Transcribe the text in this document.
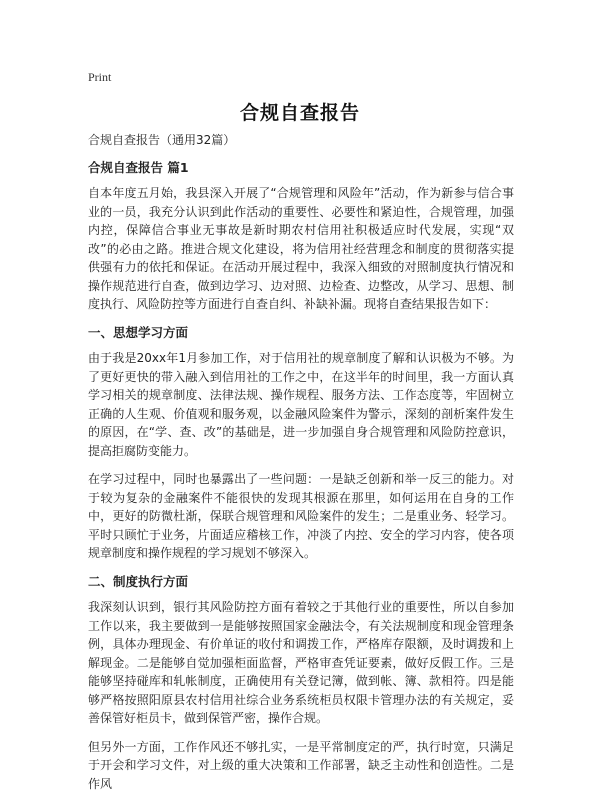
Print
合规自查报告

合规自查报告（通用32篇）

合规自查报告 篇1

自本年度五月始，我县深入开展了“合规管理和风险年”活动，作为新参与信合事业的一员，我充分认识到此作活动的重要性、必要性和紧迫性，合规管理，加强内控，保障信合事业无事故是新时期农村信用社积极适应时代发展，实现“双改”的必由之路。推进合规文化建设，将为信用社经营理念和制度的贯彻落实提供强有力的依托和保证。在活动开展过程中，我深入细致的对照制度执行情况和操作规范进行自查，做到边学习、边对照、边检查、边整改，从学习、思想、制度执行、风险防控等方面进行自查自纠、补缺补漏。现将自查结果报告如下：

一、思想学习方面

由于我是20xx年1月参加工作，对于信用社的规章制度了解和认识极为不够。为了更好更快的带入融入到信用社的工作之中，在这半年的时间里，我一方面认真学习相关的规章制度、法律法规、操作规程、服务方法、工作态度等，牢固树立正确的人生观、价值观和服务观，以金融风险案件为警示，深刻的剖析案件发生的原因，在“学、查、改”的基础是，进一步加强自身合规管理和风险防控意识，提高拒腐防变能力。

在学习过程中，同时也暴露出了一些问题：一是缺乏创新和举一反三的能力。对于较为复杂的金融案件不能很快的发现其根源在那里，如何运用在自身的工作中，更好的防微杜渐，保联合规管理和风险案件的发生；二是重业务、轻学习。平时只顾忙于业务，片面适应稽核工作，冲淡了内控、安全的学习内容，使各项规章制度和操作规程的学习规划不够深入。

二、制度执行方面

我深刻认识到，银行其风险防控方面有着较之于其他行业的重要性，所以自参加工作以来，我主要做到一是能够按照国家金融法令，有关法规制度和现金管理条例，具体办理现金、有价单证的收付和调拨工作，严格库存限额，及时调拨和上解现金。二是能够自觉加强柜面监督，严格审查凭证要素，做好反假工作。三是能够坚持碰库和轧帐制度，正确使用有关登记簿，做到帐、簿、款相符。四是能够严格按照阳原县农村信用社综合业务系统柜员权限卡管理办法的有关规定，妥善保管好柜员卡，做到保管严密，操作合规。

但另外一方面，工作作风还不够扎实，一是平常制度定的严，执行时宽，只满足于开会和学习文件，对上级的重大决策和工作部署，缺乏主动性和创造性。二是作风
